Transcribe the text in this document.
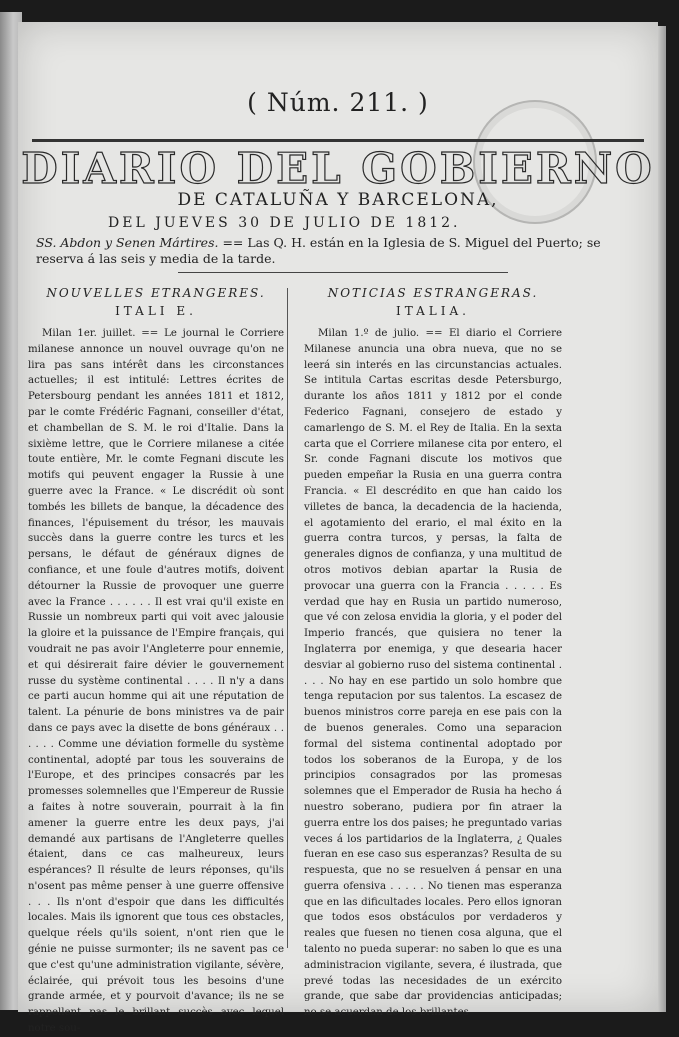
( Núm. 211. )
DIARIO DEL GOBIERNO
DE CATALUÑA Y BARCELONA,
DEL JUEVES 30 DE JULIO DE 1812.
SS. Abdon y Senen Mártires. == Las Q. H. están en la Iglesia de S. Miguel del Puerto; se reserva á las seis y media de la tarde.

NOUVELLES ETRANGERES.

ITALI E.

Milan 1er. juillet. == Le journal le Corriere milanese annonce un nouvel ouvrage qu'on ne lira pas sans intérêt dans les circonstances actuelles; il est intitulé: Lettres écrites de Petersbourg pendant les années 1811 et 1812, par le comte Frédéric Fagnani, conseiller d'état, et chambellan de S. M. le roi d'Italie. Dans la sixième lettre, que le Corriere milanese a citée toute entière, Mr. le comte Fegnani discute les motifs qui peuvent engager la Russie à une guerre avec la France. « Le discrédit où sont tombés les billets de banque, la décadence des finances, l'épuisement du trésor, les mauvais succès dans la guerre contre les turcs et les persans, le défaut de généraux dignes de confiance, et une foule d'autres motifs, doivent détourner la Russie de provoquer une guerre avec la France . . . . . . Il est vrai qu'il existe en Russie un nombreux parti qui voit avec jalousie la gloire et la puissance de l'Empire français, qui voudrait ne pas avoir l'Angleterre pour ennemie, et qui désirerait faire dévier le gouvernement russe du système continental . . . . Il n'y a dans ce parti aucun homme qui ait une réputation de talent. La pénurie de bons ministres va de pair dans ce pays avec la disette de bons généraux . . . . . . Comme une déviation formelle du système continental, adopté par tous les souverains de l'Europe, et des principes consacrés par les promesses solemnelles que l'Empereur de Russie a faites à notre souverain, pourrait à la fin amener la guerre entre les deux pays, j'ai demandé aux partisans de l'Angleterre quelles étaient, dans ce cas malheureux, leurs espérances? Il résulte de leurs réponses, qu'ils n'osent pas même penser à une guerre offensive . . . Ils n'ont d'espoir que dans les difficultés locales. Mais ils ignorent que tous ces obstacles, quelque réels qu'ils soient, n'ont rien que le génie ne puisse surmonter; ils ne savent pas ce que c'est qu'une administration vigilante, sévère, éclairée, qui prévoit tous les besoins d'une grande armée, et y pourvoit d'avance; ils ne se rappellent pas le brillant succès avec lequel notre sou-

NOTICIAS ESTRANGERAS.

ITALIA.

Milan 1.º de julio. == El diario el Corriere Milanese anuncia una obra nueva, que no se leerá sin interés en las circunstancias actuales. Se intitula Cartas escritas desde Petersburgo, durante los años 1811 y 1812 por el conde Federico Fagnani, consejero de estado y camarlengo de S. M. el Rey de Italia. En la sexta carta que el Corriere milanese cita por entero, el Sr. conde Fagnani discute los motivos que pueden empeñar la Rusia en una guerra contra Francia. « El descrédito en que han caido los villetes de banca, la decadencia de la hacienda, el agotamiento del erario, el mal éxito en la guerra contra turcos, y persas, la falta de generales dignos de confianza, y una multitud de otros motivos debian apartar la Rusia de provocar una guerra con la Francia . . . . . Es verdad que hay en Rusia un partido numeroso, que vé con zelosa envidia la gloria, y el poder del Imperio francés, que quisiera no tener la Inglaterra por enemiga, y que desearia hacer desviar al gobierno ruso del sistema continental . . . . No hay en ese partido un solo hombre que tenga reputacion por sus talentos. La escasez de buenos ministros corre pareja en ese pais con la de buenos generales. Como una separacion formal del sistema continental adoptado por todos los soberanos de la Europa, y de los principios consagrados por las promesas solemnes que el Emperador de Rusia ha hecho á nuestro soberano, pudiera por fin atraer la guerra entre los dos paises; he preguntado varias veces á los partidarios de la Inglaterra, ¿ Quales fueran en ese caso sus esperanzas? Resulta de su respuesta, que no se resuelven á pensar en una guerra ofensiva . . . . . No tienen mas esperanza que en las dificultades locales. Pero ellos ignoran que todos esos obstáculos por verdaderos y reales que fuesen no tienen cosa alguna, que el talento no pueda superar: no saben lo que es una administracion vigilante, severa, é ilustrada, que prevé todas las necesidades de un exército grande, que sabe dar providencias anticipadas; no se acuerdan de los brillantes
